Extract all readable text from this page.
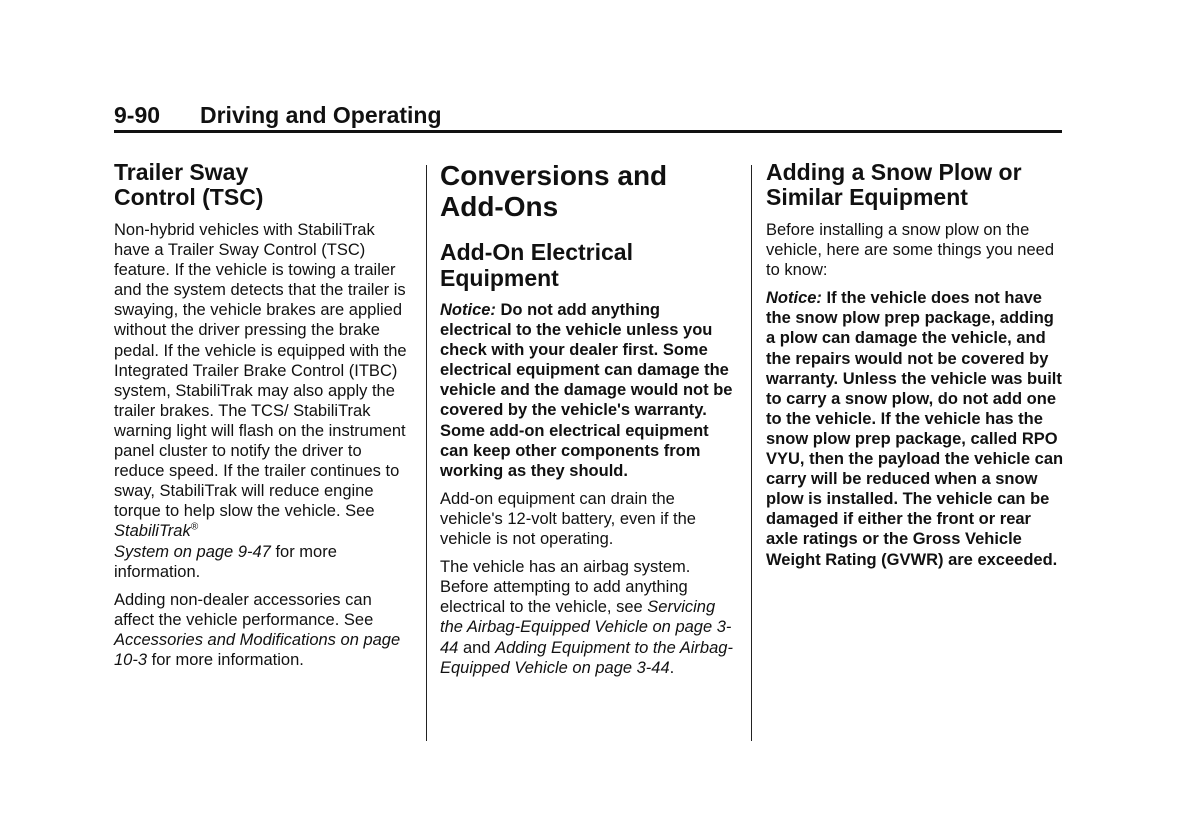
9-90 Driving and Operating
Trailer Sway
Control (TSC)

Non-hybrid vehicles with StabiliTrak have a Trailer Sway Control (TSC) feature. If the vehicle is towing a trailer and the system detects that the trailer is swaying, the vehicle brakes are applied without the driver pressing the brake pedal. If the vehicle is equipped with the Integrated Trailer Brake Control (ITBC) system, StabiliTrak may also apply the trailer brakes. The TCS/ StabiliTrak warning light will flash on the instrument panel cluster to notify the driver to reduce speed. If the trailer continues to sway, StabiliTrak will reduce engine torque to help slow the vehicle. See StabiliTrak®
System on page 9-47 for more information.

Adding non-dealer accessories can affect the vehicle performance. See Accessories and Modifications on page 10-3 for more information.

Conversions and
Add-Ons
Add-On Electrical
Equipment

Notice: Do not add anything electrical to the vehicle unless you check with your dealer first. Some electrical equipment can damage the vehicle and the damage would not be covered by the vehicle's warranty. Some add-on electrical equipment can keep other components from working as they should.

Add-on equipment can drain the vehicle's 12-volt battery, even if the vehicle is not operating.

The vehicle has an airbag system. Before attempting to add anything electrical to the vehicle, see Servicing the Airbag-Equipped Vehicle on page 3-44 and Adding Equipment to the Airbag-Equipped Vehicle on page 3-44.

Adding a Snow Plow or
Similar Equipment

Before installing a snow plow on the vehicle, here are some things you need to know:

Notice: If the vehicle does not have the snow plow prep package, adding a plow can damage the vehicle, and the repairs would not be covered by warranty. Unless the vehicle was built to carry a snow plow, do not add one to the vehicle. If the vehicle has the snow plow prep package, called RPO VYU, then the payload the vehicle can carry will be reduced when a snow plow is installed. The vehicle can be damaged if either the front or rear axle ratings or the Gross Vehicle Weight Rating (GVWR) are exceeded.
